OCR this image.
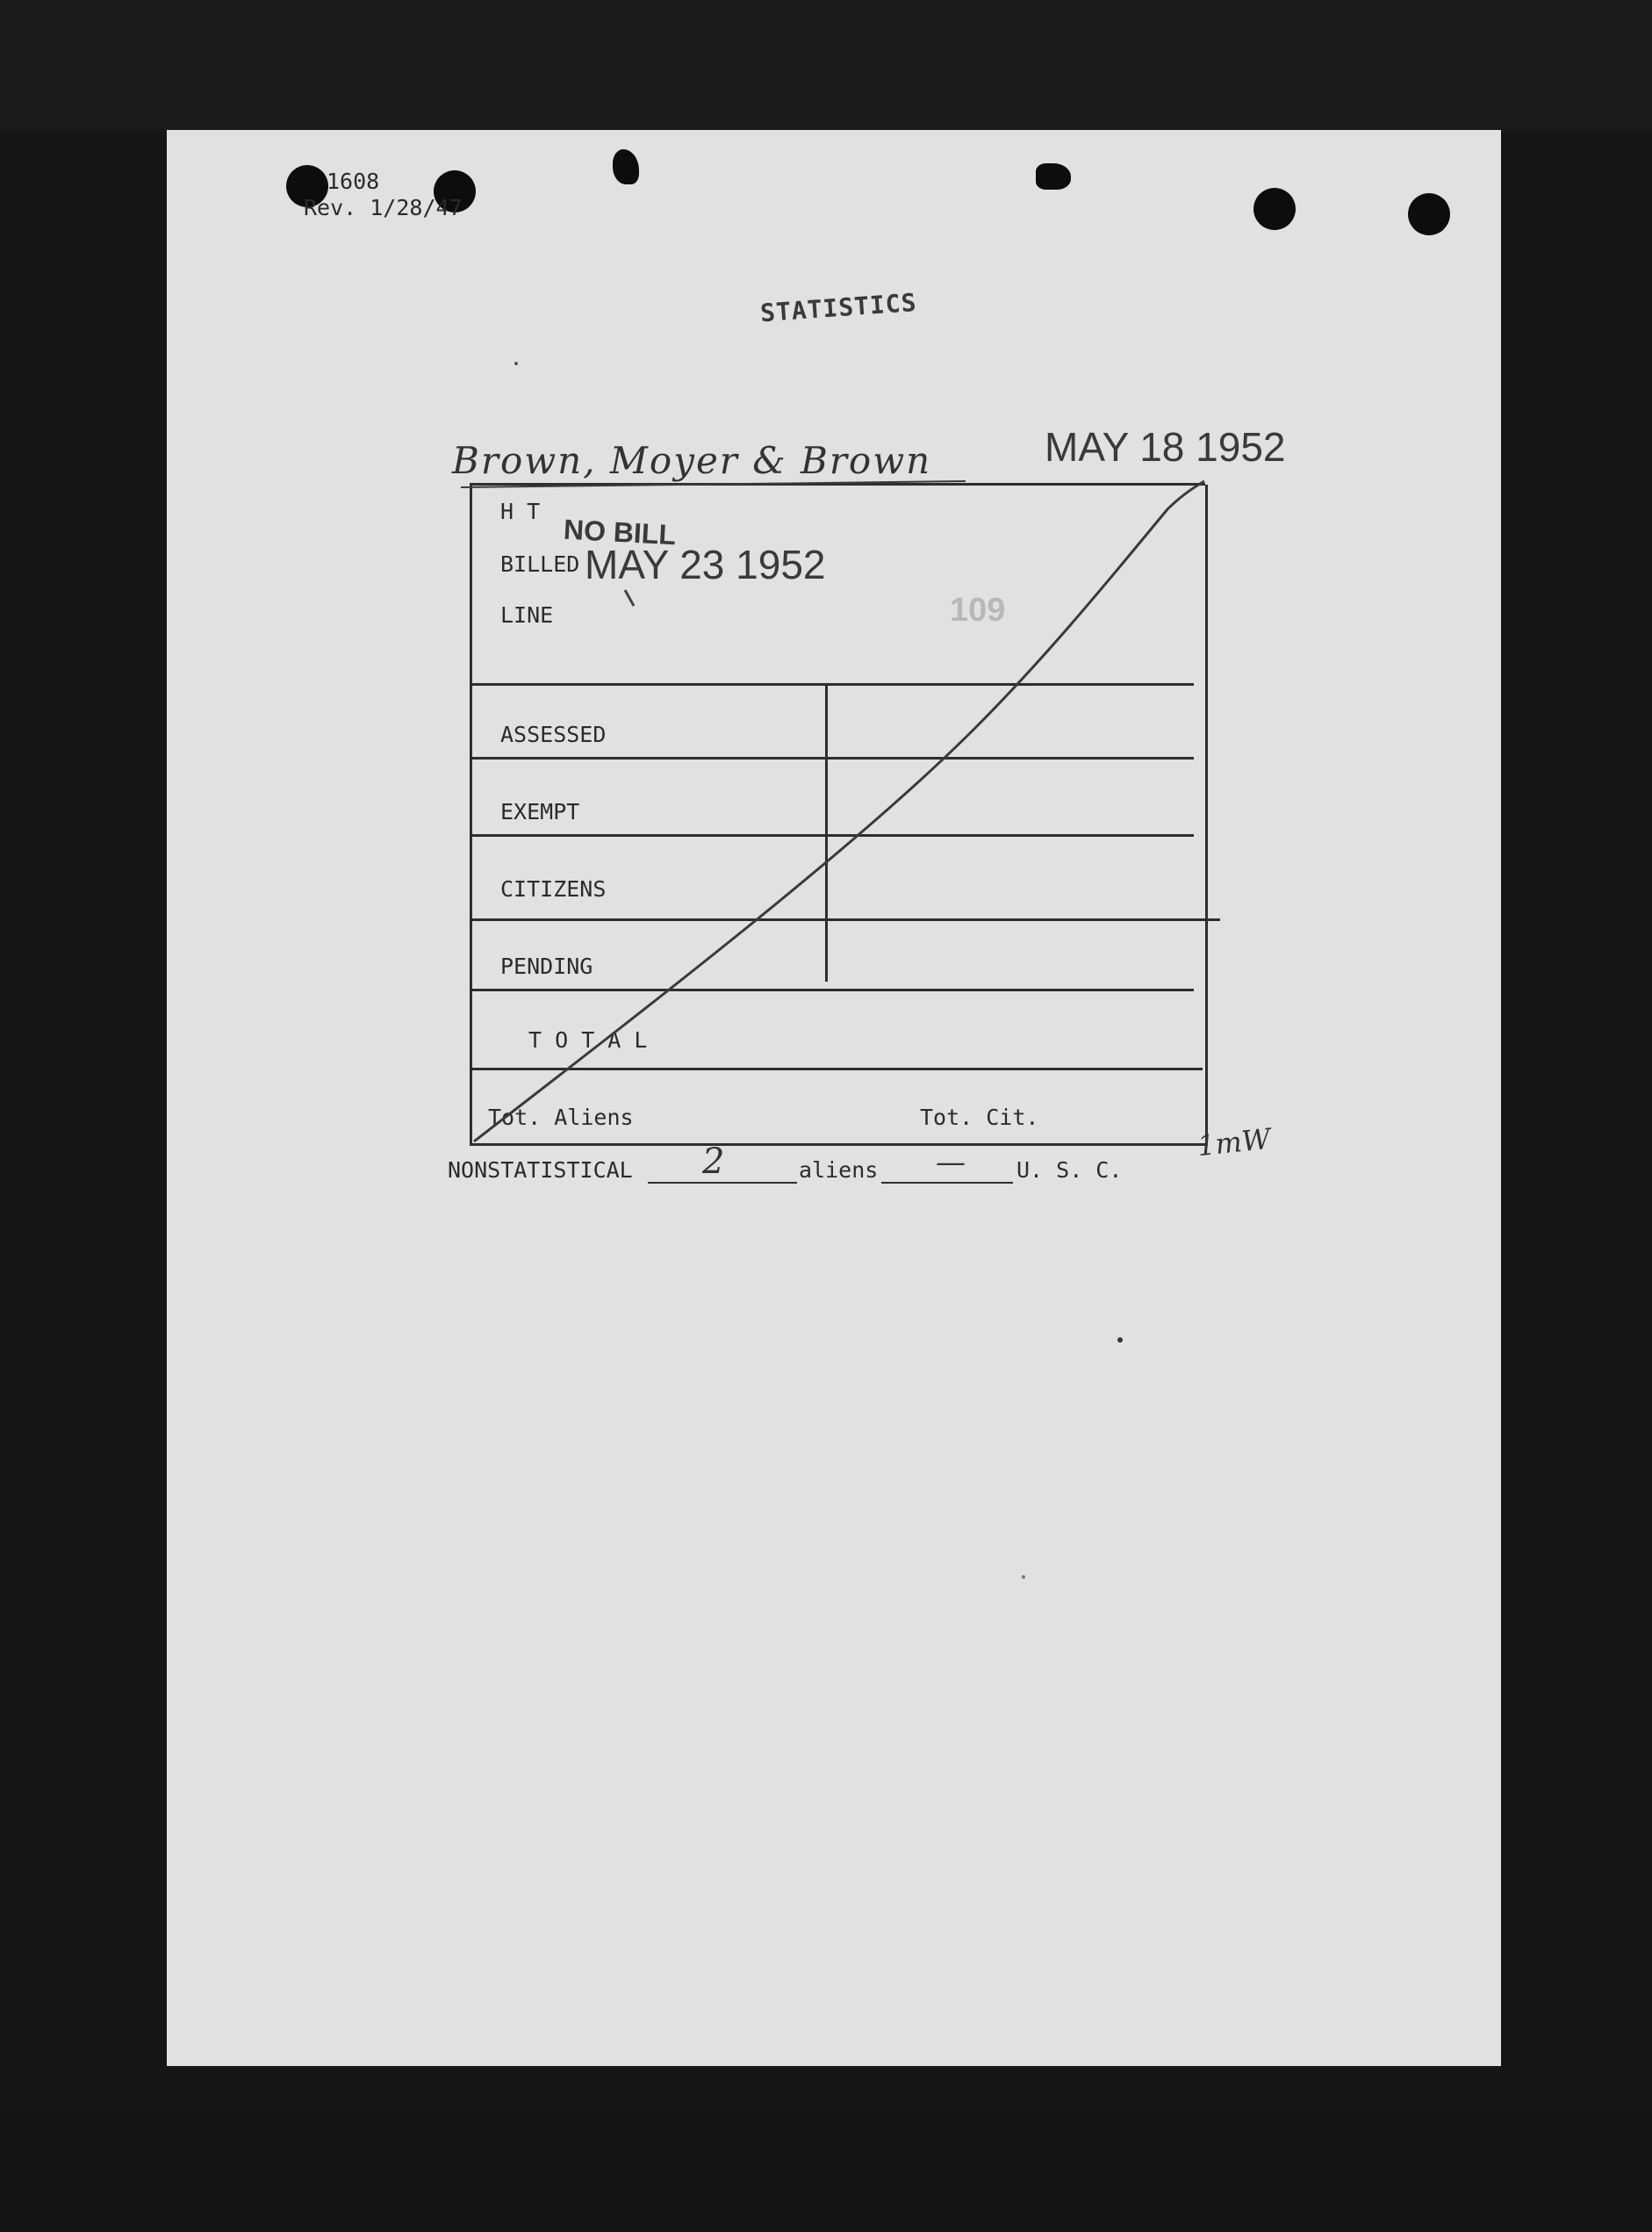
1608
Rev. 1/28/47
STATISTICS
Brown, Moyer & Brown	MAY 18 1952
H T
NO BILL
BILLED MAY 23 1952
LINE	109
ASSESSED
EXEMPT
CITIZENS
PENDING
T O T A L
Tot. Aliens	Tot. Cit.
1mW
NONSTATISTICAL 2	aliens — U. S. C.
